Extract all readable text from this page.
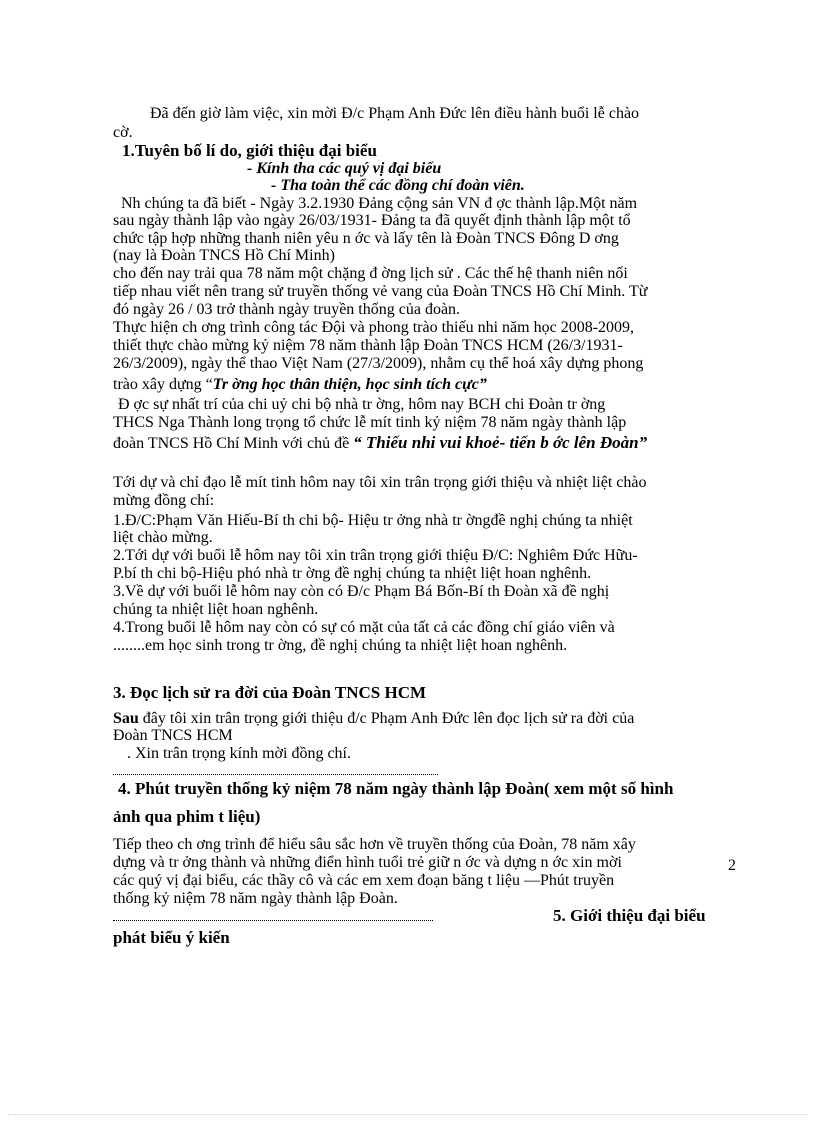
Đã đến giờ làm việc, xin mời Đ/c Phạm Anh Đức lên điều hành buổi lễ chào
cờ.
1.Tuyên bố lí do, giới thiệu đại biểu
- Kính tha các quý vị đại biểu
- Tha toàn thể các đồng chí đoàn viên.
Nh chúng ta đã biết - Ngày 3.2.1930 Đảng cộng sản VN đ ợc thành lập.Một năm
sau ngày thành lập vào ngày 26/03/1931- Đảng ta đã quyết định thành lập một tổ
chức tập hợp những thanh niên yêu n ớc và lấy tên là Đoàn TNCS Đông D ơng
(nay là Đoàn TNCS Hồ Chí Minh)
cho đến nay trải qua 78 năm một chặng đ ờng lịch sử . Các thế hệ thanh niên nối
tiếp nhau viết nên trang sử truyền thống vẻ vang của Đoàn TNCS Hồ Chí Minh. Từ
đó ngày 26 / 03 trở thành ngày truyền thống của đoàn.
Thực hiện ch ơng trình công tác Đội và phong trào thiếu nhi năm học 2008-2009,
thiết thực chào mừng kỷ niệm 78 năm thành lập Đoàn TNCS HCM (26/3/1931-
26/3/2009), ngày thể thao Việt Nam (27/3/2009), nhằm cụ thể hoá xây dựng phong
trào xây dựng “Tr ờng học thân thiện, học sinh tích cực”
Đ ợc sự nhất trí của chi uỷ chi bộ nhà tr ờng, hôm nay BCH chi Đoàn tr ờng
THCS Nga Thành long trọng tổ chức lễ mít tinh kỷ niệm 78 năm ngày thành lập
đoàn TNCS Hồ Chí Minh với chủ đề “ Thiếu nhi vui khoẻ- tiến b ớc lên Đoàn”
Tới dự và chỉ đạo lễ mít tinh hôm nay tôi xin trân trọng giới thiệu và nhiệt liệt chào
mừng đồng chí:
1.Đ/C:Phạm Văn Hiếu-Bí th chi bộ- Hiệu tr ởng nhà tr ờngđề nghị chúng ta nhiệt
liệt chào mừng.
2.Tới dự với buổi lễ hôm nay tôi xin trân trọng giới thiệu Đ/C: Nghiêm Đức Hữu-
P.bí th chi bộ-Hiệu phó nhà tr ờng đề nghị chúng ta nhiệt liệt hoan nghênh.
3.Về dự với buổi lễ hôm nay còn có Đ/c Phạm Bá Bốn-Bí th Đoàn xã đề nghị
chúng ta nhiệt liệt hoan nghênh.
4.Trong buổi lễ hôm nay còn có sự có mặt của tất cả các đồng chí giáo viên và
........em học sinh trong tr ờng, đề nghị chúng ta nhiệt liệt hoan nghênh.
3. Đọc lịch sử ra đời của Đoàn TNCS HCM
Sau đây tôi xin trân trọng giới thiệu đ/c Phạm Anh Đức lên đọc lịch sử ra đời của
Đoàn TNCS HCM
. Xin trân trọng kính mời đồng chí.
4. Phút truyền thống kỷ niệm 78 năm ngày thành lập Đoàn( xem một số hình
ảnh qua phim t liệu)
Tiếp theo ch ơng trình để hiểu sâu sắc hơn về truyền thống của Đoàn, 78 năm xây
dựng và tr ởng thành và những điển hình tuổi trẻ giữ n ớc và dựng n ớc xin mời
các quý vị đại biểu, các thầy cô và các em xem đoạn băng t liệu —Phút truyền
thống kỷ niệm 78 năm ngày thành lập Đoàn.
5. Giới thiệu đại biểu
phát biểu ý kiến
2
